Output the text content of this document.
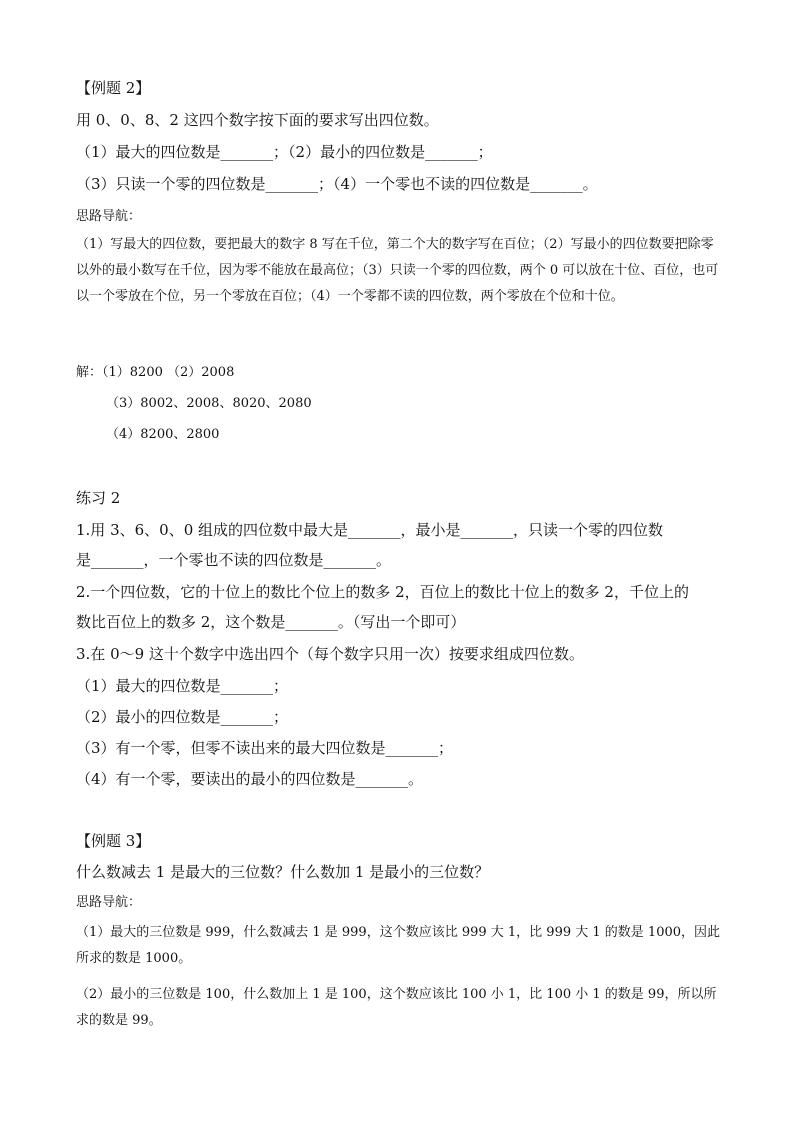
【例题 2】
用 0、0、8、2 这四个数字按下面的要求写出四位数。
（1）最大的四位数是_______；（2）最小的四位数是_______；
（3）只读一个零的四位数是_______；（4）一个零也不读的四位数是_______。
思路导航：
（1）写最大的四位数，要把最大的数字 8 写在千位，第二个大的数字写在百位；（2）写最小的四位数要把除零以外的最小数写在千位，因为零不能放在最高位；（3）只读一个零的四位数，两个 0 可以放在十位、百位，也可以一个零放在个位，另一个零放在百位；（4）一个零都不读的四位数，两个零放在个位和十位。
解：（1）8200 （2）2008
（3）8002、2008、8020、2080
（4）8200、2800
练习 2
1.用 3、6、0、0 组成的四位数中最大是_______，最小是_______，只读一个零的四位数
是_______，一个零也不读的四位数是_______。
2.一个四位数，它的十位上的数比个位上的数多 2，百位上的数比十位上的数多 2，千位上的
数比百位上的数多 2，这个数是_______。（写出一个即可）
3.在 0～9 这十个数字中选出四个（每个数字只用一次）按要求组成四位数。
（1）最大的四位数是_______；
（2）最小的四位数是_______；
（3）有一个零，但零不读出来的最大四位数是_______；
（4）有一个零，要读出的最小的四位数是_______。
【例题 3】
什么数减去 1 是最大的三位数？什么数加 1 是最小的三位数？
思路导航：
（1）最大的三位数是 999，什么数减去 1 是 999，这个数应该比 999 大 1，比 999 大 1 的数是 1000，因此所求的数是 1000。
（2）最小的三位数是 100，什么数加上 1 是 100，这个数应该比 100 小 1，比 100 小 1 的数是 99，所以所求的数是 99。
